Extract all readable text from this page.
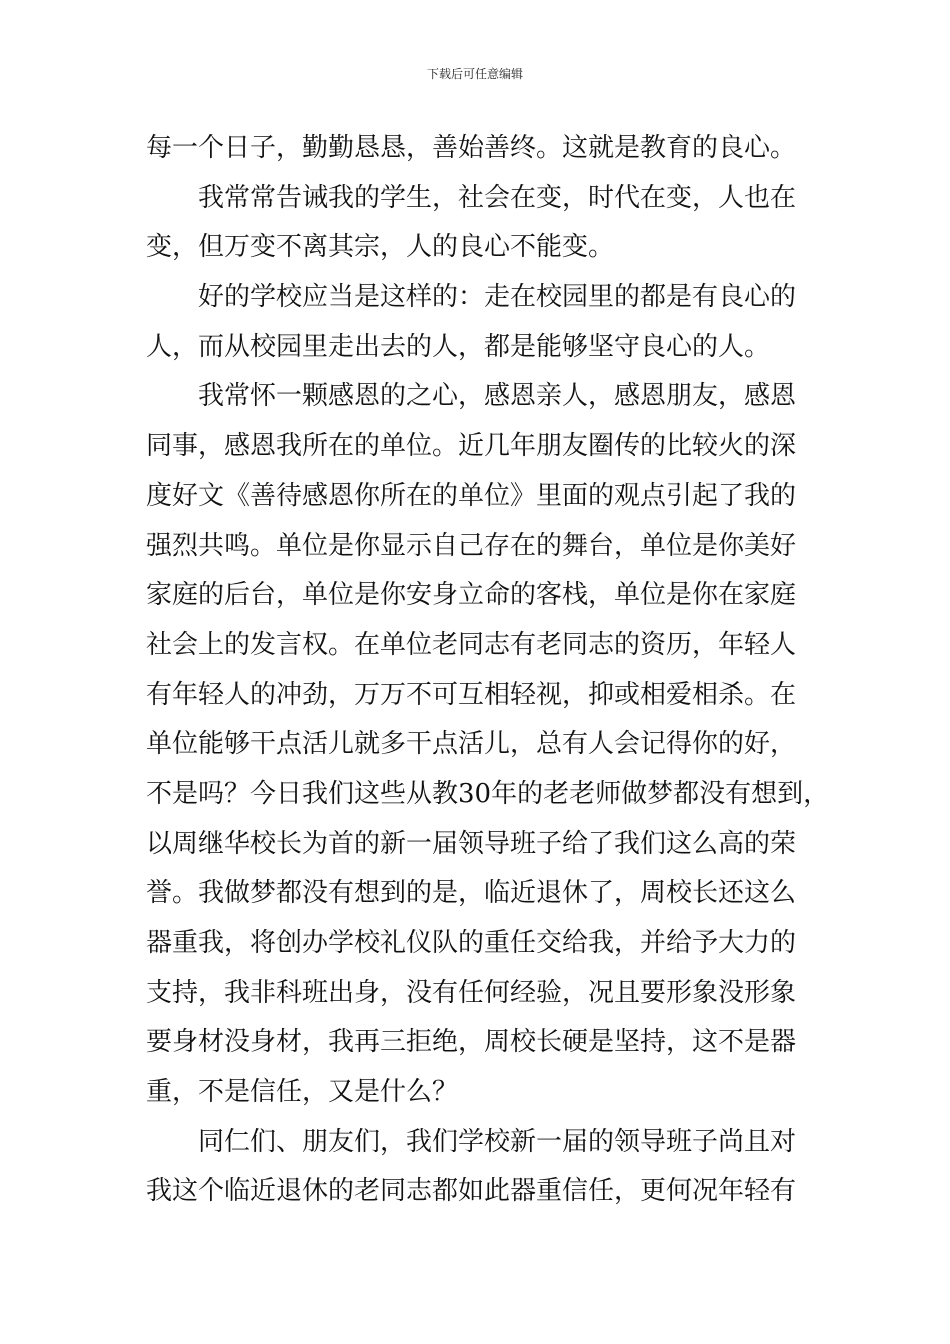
下载后可任意编辑
每一个日子，勤勤恳恳，善始善终。这就是教育的良心。
我常常告诫我的学生，社会在变，时代在变，人也在
变，但万变不离其宗，人的良心不能变。
好的学校应当是这样的：走在校园里的都是有良心的
人，而从校园里走出去的人，都是能够坚守良心的人。
我常怀一颗感恩的之心，感恩亲人，感恩朋友，感恩
同事，感恩我所在的单位。近几年朋友圈传的比较火的深
度好文《善待感恩你所在的单位》里面的观点引起了我的
强烈共鸣。单位是你显示自己存在的舞台，单位是你美好
家庭的后台，单位是你安身立命的客栈，单位是你在家庭
社会上的发言权。在单位老同志有老同志的资历，年轻人
有年轻人的冲劲，万万不可互相轻视，抑或相爱相杀。在
单位能够干点活儿就多干点活儿，总有人会记得你的好，
不是吗？今日我们这些从教30年的老老师做梦都没有想到，
以周继华校长为首的新一届领导班子给了我们这么高的荣
誉。我做梦都没有想到的是，临近退休了，周校长还这么
器重我，将创办学校礼仪队的重任交给我，并给予大力的
支持，我非科班出身，没有任何经验，况且要形象没形象
要身材没身材，我再三拒绝，周校长硬是坚持，这不是器
重，不是信任，又是什么？
同仁们、朋友们，我们学校新一届的领导班子尚且对
我这个临近退休的老同志都如此器重信任，更何况年轻有
